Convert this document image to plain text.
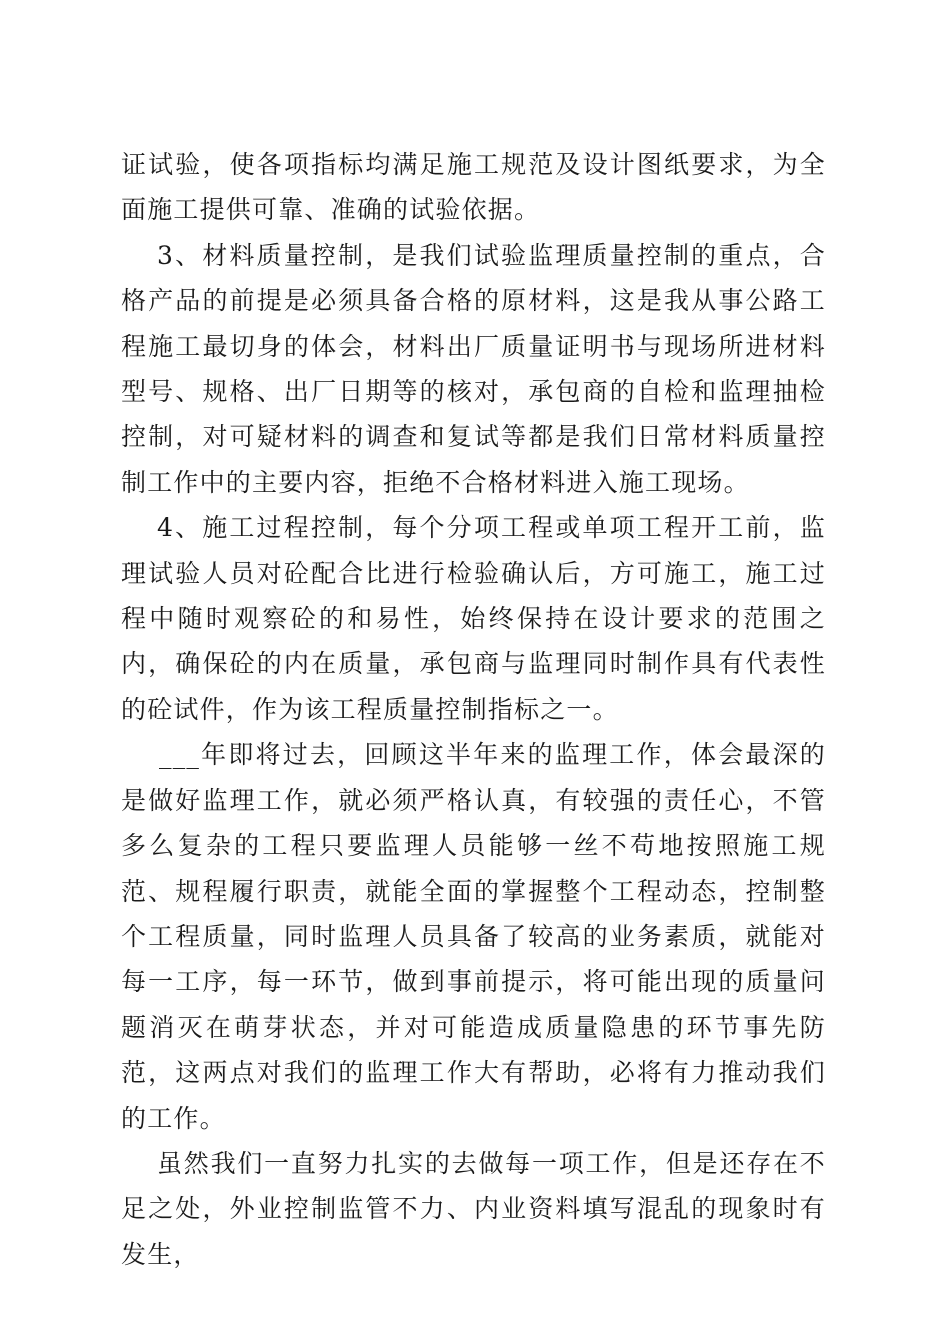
证试验，使各项指标均满足施工规范及设计图纸要求，为全面施工提供可靠、准确的试验依据。

3、材料质量控制，是我们试验监理质量控制的重点，合格产品的前提是必须具备合格的原材料，这是我从事公路工程施工最切身的体会，材料出厂质量证明书与现场所进材料型号、规格、出厂日期等的核对，承包商的自检和监理抽检控制，对可疑材料的调查和复试等都是我们日常材料质量控制工作中的主要内容，拒绝不合格材料进入施工现场。

4、施工过程控制，每个分项工程或单项工程开工前，监理试验人员对砼配合比进行检验确认后，方可施工，施工过程中随时观察砼的和易性，始终保持在设计要求的范围之内，确保砼的内在质量，承包商与监理同时制作具有代表性的砼试件，作为该工程质量控制指标之一。

___年即将过去，回顾这半年来的监理工作，体会最深的是做好监理工作，就必须严格认真，有较强的责任心，不管多么复杂的工程只要监理人员能够一丝不苟地按照施工规范、规程履行职责，就能全面的掌握整个工程动态，控制整个工程质量，同时监理人员具备了较高的业务素质，就能对每一工序，每一环节，做到事前提示，将可能出现的质量问题消灭在萌芽状态，并对可能造成质量隐患的环节事先防范，这两点对我们的监理工作大有帮助，必将有力推动我们的工作。

虽然我们一直努力扎实的去做每一项工作，但是还存在不足之处，外业控制监管不力、内业资料填写混乱的现象时有发生，
